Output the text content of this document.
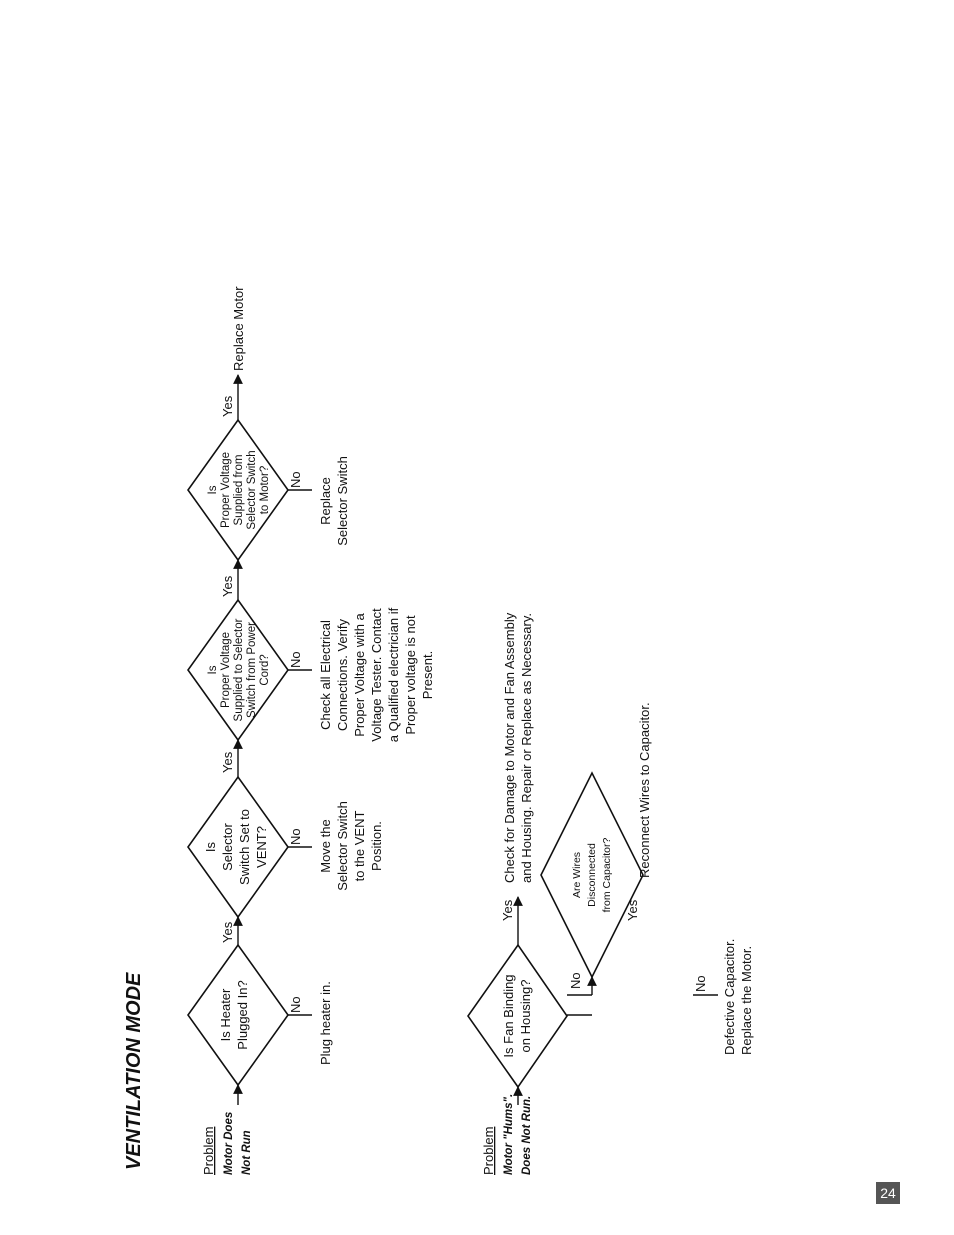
VENTILATION MODE	Problem Motor Does Not Run	Problem Motor "Hums". Does Not Run.
Is Heater Plugged In?
Is Selector Switch Set to VENT?
Is Proper Voltage Supplied to Selector Switch from Power Cord?
Is Proper Voltage Supplied from Selector Switch to Motor?
Is Fan Binding on Housing?
Are Wires Disconnected from Capacitor?
Yes
Yes
Yes
Yes
Yes	Yes
No
No
No
No
No	No
Plug heater in.
Move the Selector Switch to the VENT Position.
Check all Electrical Connections. Verify Proper Voltage with a Voltage Tester. Contact a Qualified electrician if Proper voltage is not Present.
Replace Selector Switch
Replace Motor
Check for Damage to Motor and Fan Assembly and Housing. Repair or Replace as Necessary.	Reconnect Wires to Capacitor.
Defective Capacitor. Replace the Motor.
24
